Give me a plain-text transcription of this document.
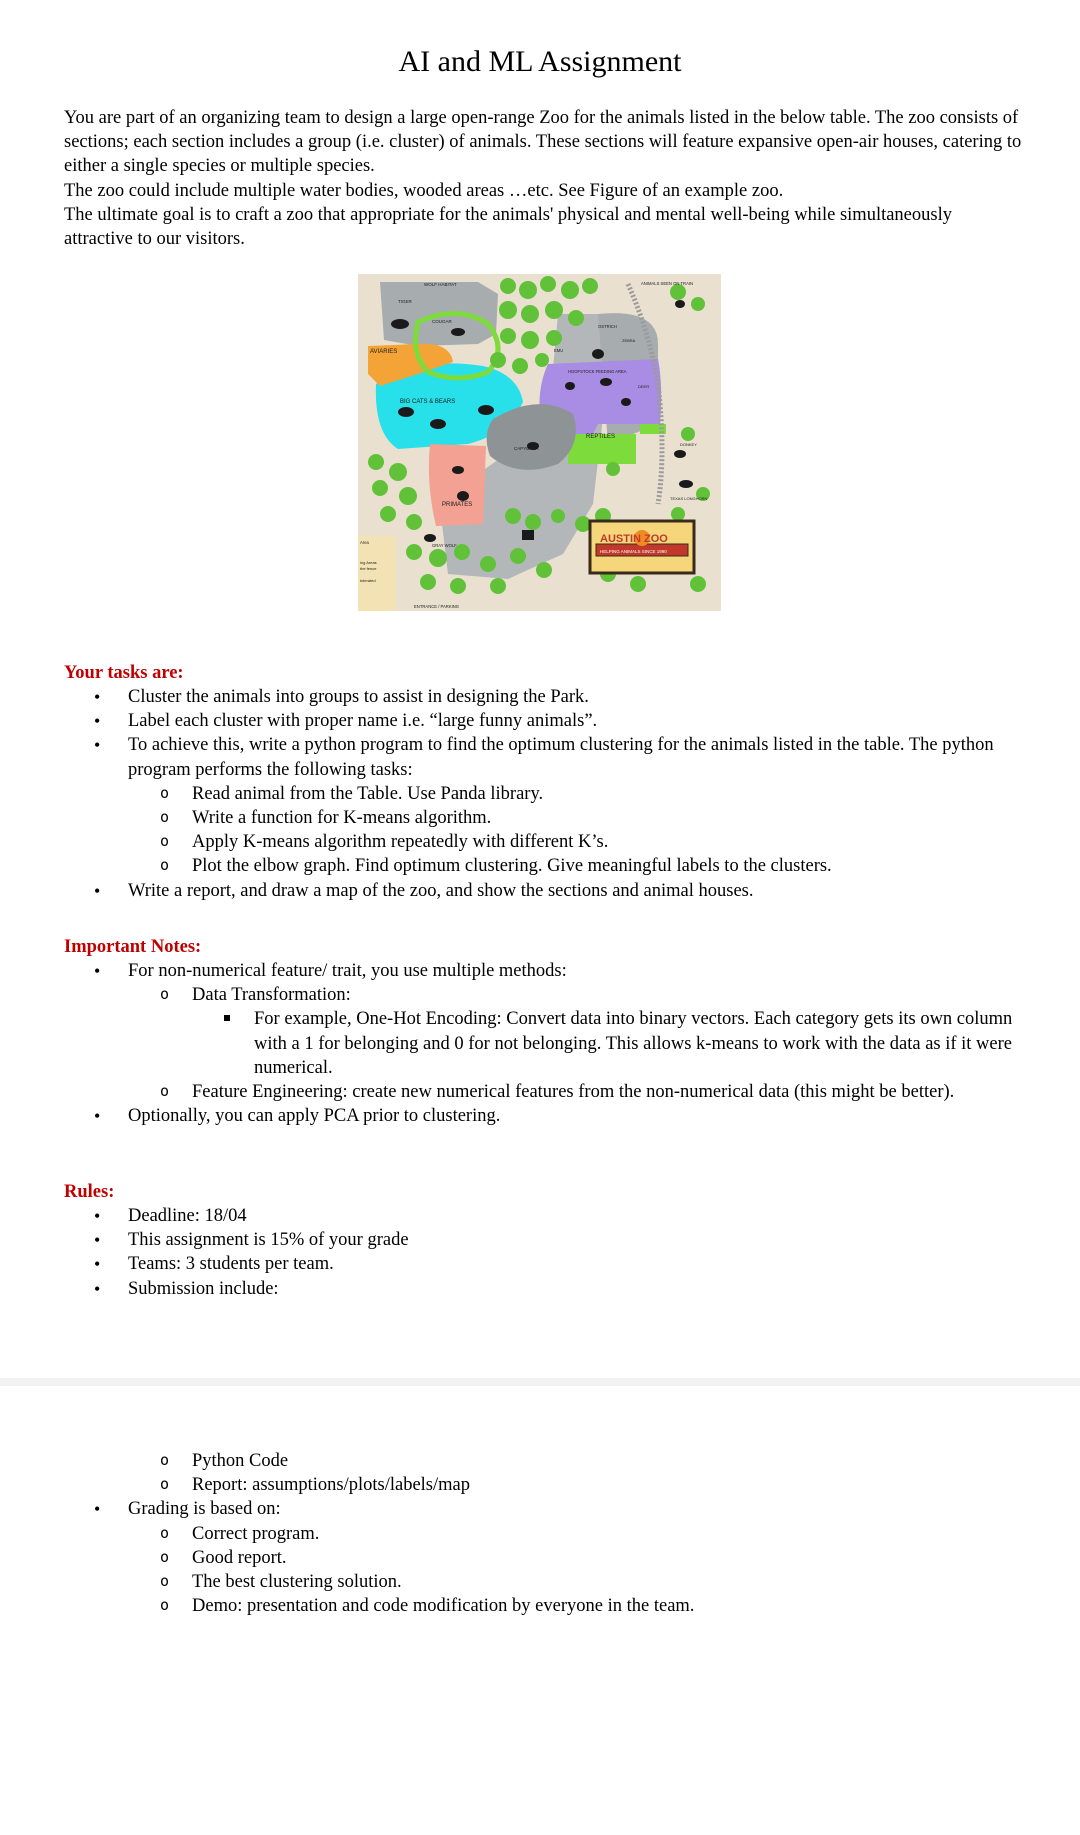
AI and ML Assignment

You are part of an organizing team to design a large open-range Zoo for the animals listed in the below table. The zoo consists of sections; each section includes a group (i.e. cluster) of animals. These sections will feature expansive open-air houses, catering to either a single species or multiple species.

The zoo could include multiple water bodies, wooded areas …etc. See Figure of an example zoo.

The ultimate goal is to craft a zoo that appropriate for the animals' physical and mental well-being while simultaneously attractive to our visitors.

WOLF HABITAT
TIGER
COUGAR
AVIARIES
BIG CATS & BEARS
CAPYBARA
PRIMATES
REPTILES
HOOFSTOCK FEEDING AREA
OSTRICH
ZEBRA
EMU
ANIMALS SEEN ON TRAIN
GRAY WOLF
ENTRANCE / PARKING
DEER
DONKEY
TEXAS LONGHORN
Area
ing Areas
the fence
tolerated
AUSTIN ZOO
HELPING ANIMALS SINCE 1990
Your tasks are:
• Cluster the animals into groups to assist in designing the Park.
• Label each cluster with proper name i.e. “large funny animals”.
• To achieve this, write a python program to find the optimum clustering for the animals listed in the table. The python program performs the following tasks:
o Read animal from the Table. Use Panda library.
o Write a function for K-means algorithm.
o Apply K-means algorithm repeatedly with different K’s.
o Plot the elbow graph. Find optimum clustering. Give meaningful labels to the clusters.
• Write a report, and draw a map of the zoo, and show the sections and animal houses.
Important Notes:
• For non-numerical feature/ trait, you use multiple methods:
o Data Transformation:
For example, One-Hot Encoding: Convert data into binary vectors. Each category gets its own column with a 1 for belonging and 0 for not belonging. This allows k-means to work with the data as if it were numerical.
o Feature Engineering: create new numerical features from the non-numerical data (this might be better).
• Optionally, you can apply PCA prior to clustering.
Rules:
• Deadline: 18/04
• This assignment is 15% of your grade
• Teams: 3 students per team.
• Submission include:
o Python Code
o Report: assumptions/plots/labels/map
• Grading is based on:
o Correct program.
o Good report.
o The best clustering solution.
o Demo: presentation and code modification by everyone in the team.
